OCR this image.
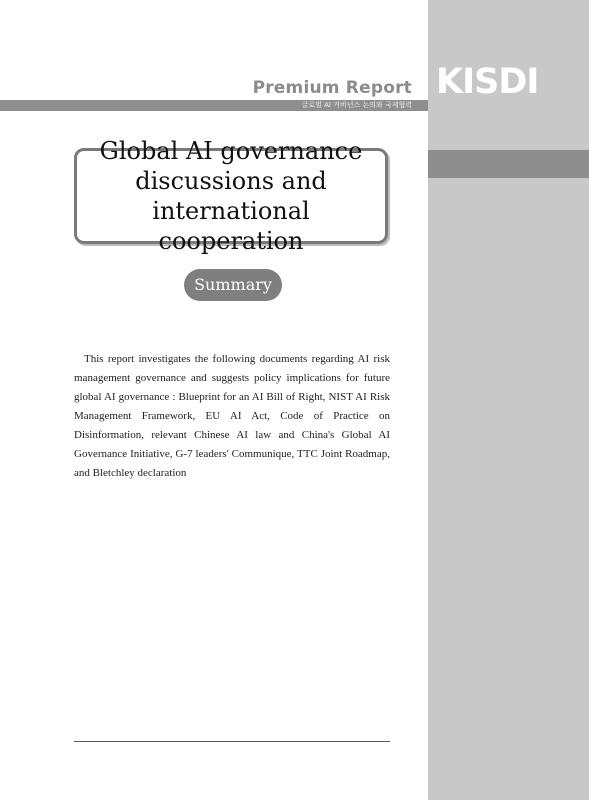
Premium Report KISDI
글로벌 AI 거버넌스 논의와 국제협력
Global AI governance discussions and international cooperation
Summary

This report investigates the following documents regarding AI risk management governance and suggests policy implications for future global AI governance : Blueprint for an AI Bill of Right, NIST AI Risk Management Framework, EU AI Act, Code of Practice on Disinformation, relevant Chinese AI law and China's Global AI Governance Initiative, G-7 leaders' Communique, TTC Joint Roadmap, and Bletchley declaration
